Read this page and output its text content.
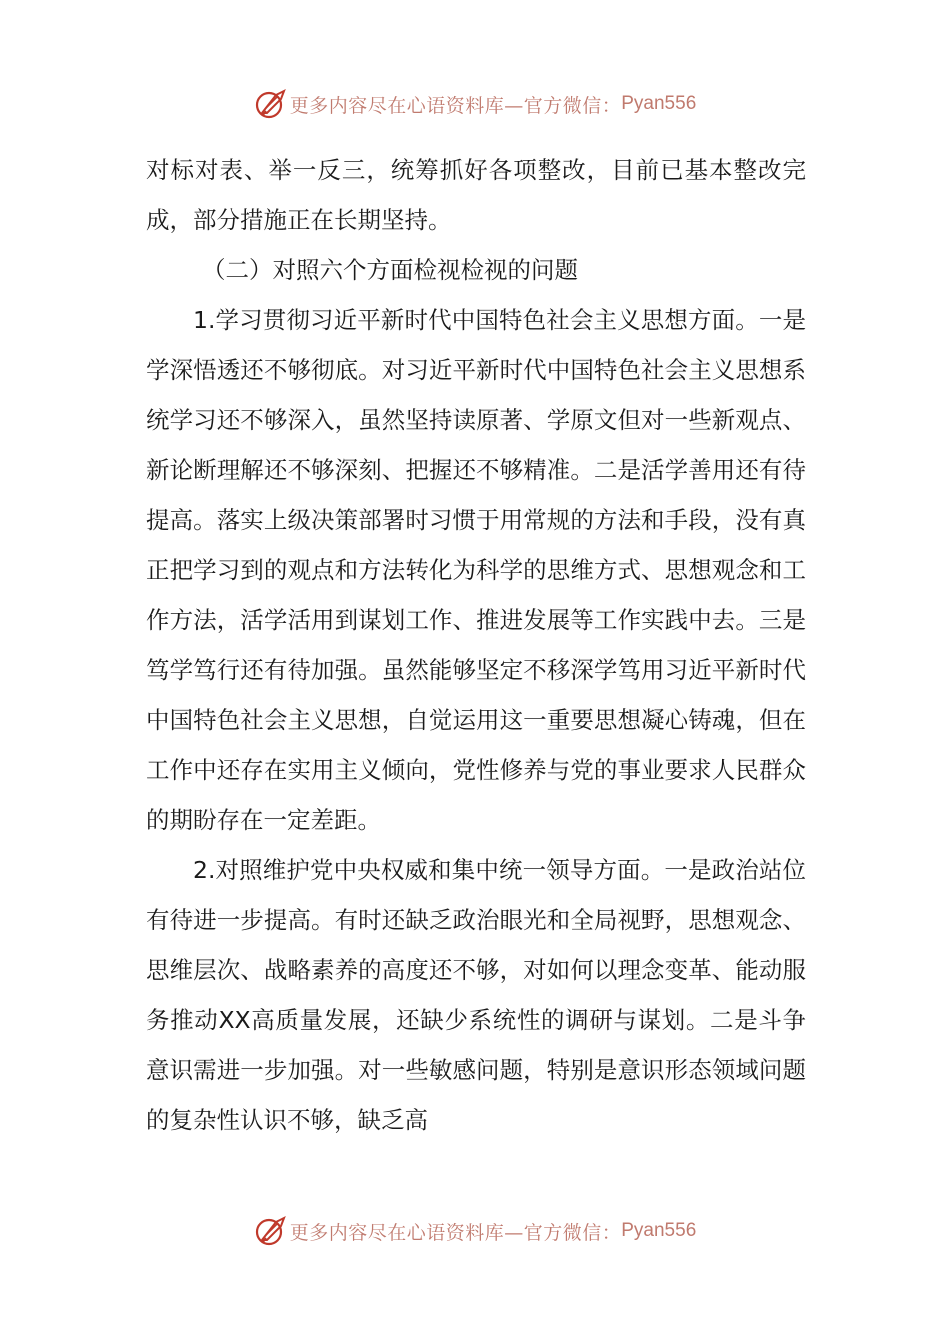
更多内容尽在心语资料库—官方微信： Pyan556

对标对表、举一反三，统筹抓好各项整改，目前已基本整改完成，部分措施正在长期坚持。

（二）对照六个方面检视检视的问题

1.学习贯彻习近平新时代中国特色社会主义思想方面。一是学深悟透还不够彻底。对习近平新时代中国特色社会主义思想系统学习还不够深入，虽然坚持读原著、学原文但对一些新观点、新论断理解还不够深刻、把握还不够精准。二是活学善用还有待提高。落实上级决策部署时习惯于用常规的方法和手段，没有真正把学习到的观点和方法转化为科学的思维方式、思想观念和工作方法，活学活用到谋划工作、推进发展等工作实践中去。三是笃学笃行还有待加强。虽然能够坚定不移深学笃用习近平新时代中国特色社会主义思想，自觉运用这一重要思想凝心铸魂，但在工作中还存在实用主义倾向，党性修养与党的事业要求人民群众的期盼存在一定差距。

2.对照维护党中央权威和集中统一领导方面。一是政治站位有待进一步提高。有时还缺乏政治眼光和全局视野，思想观念、思维层次、战略素养的高度还不够，对如何以理念变革、能动服务推动XX高质量发展，还缺少系统性的调研与谋划。二是斗争意识需进一步加强。对一些敏感问题，特别是意识形态领域问题的复杂性认识不够，缺乏高

更多内容尽在心语资料库—官方微信： Pyan556
